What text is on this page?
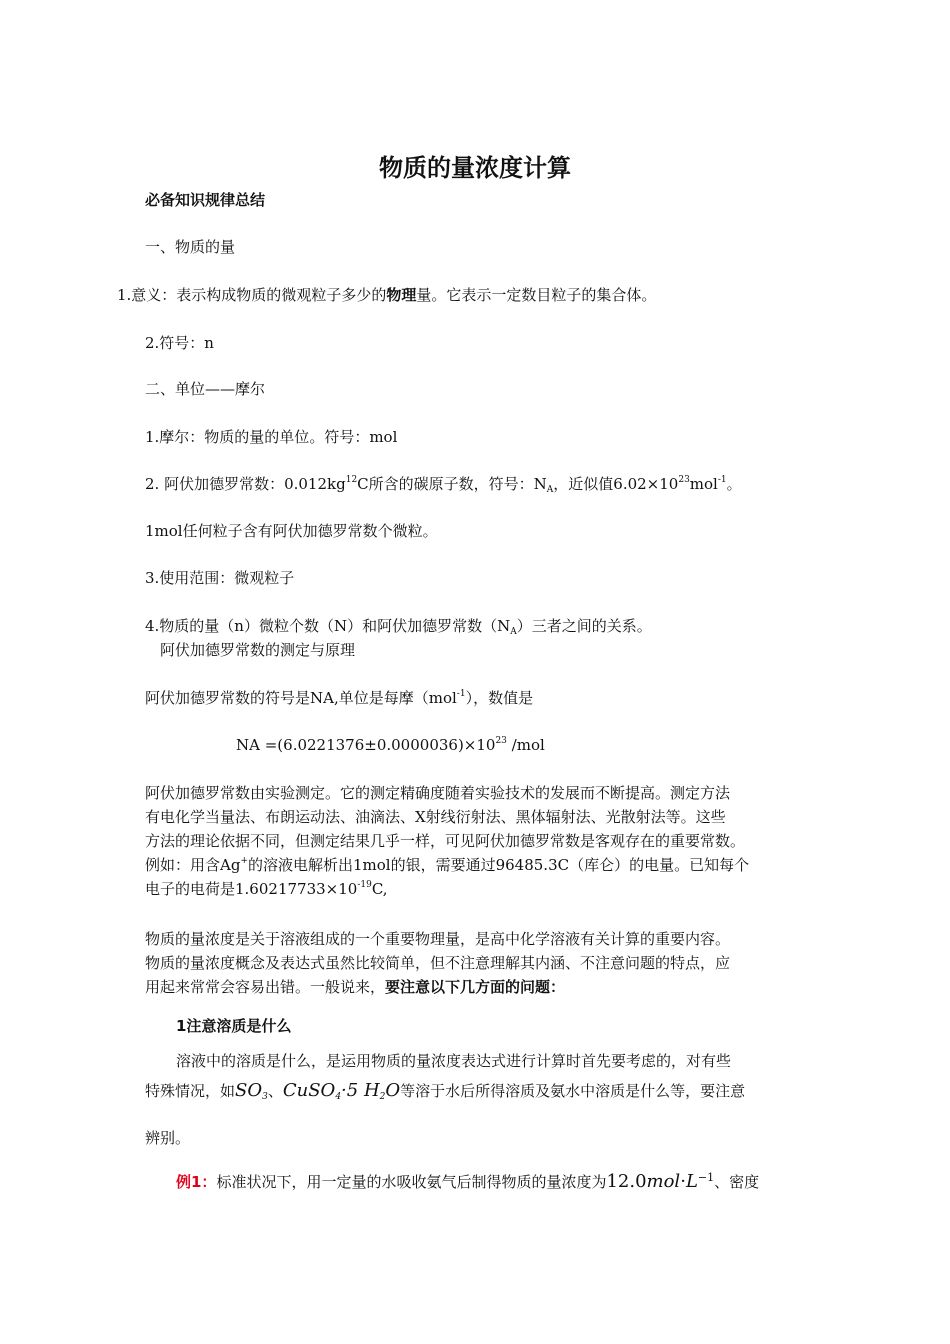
物质的量浓度计算
必备知识规律总结
一、物质的量
1.意义：表示构成物质的微观粒子多少的物理量。它表示一定数目粒子的集合体。
2.符号：n
二、单位——摩尔
1.摩尔：物质的量的单位。符号：mol
2. 阿伏加德罗常数：$0.012kg^{12}C$所含的碳原子数，符号：$N_A$，近似值$6.02\times 10^{23}mol^{-1}$。
1mol任何粒子含有阿伏加德罗常数个微粒。
3.使用范围：微观粒子
4.物质的量（n）微粒个数（N）和阿伏加德罗常数$(N_A)$三者之间的关系。
阿伏加德罗常数的测定与原理
阿伏加德罗常数的符号是NA,单位是每摩（mol$^{-1}$），数值是
NA $=(6.0221376\pm 0.0000036)\times 10^{23}$ /mol
阿伏加德罗常数由实验测定。它的测定精确度随着实验技术的发展而不断提高。测定方法
有电化学当量法、布朗运动法、油滴法、X射线衍射法、黑体辐射法、光散射法等。这些
方法的理论依据不同，但测定结果几乎一样，可见阿伏加德罗常数是客观存在的重要常数。
例如：用含Ag+的溶液电解析出1mol的银，需要通过96485.3C（库仑）的电量。已知每个
电子的电荷是$1.60217733\times 10^{-19}C$,
物质的量浓度是关于溶液组成的一个重要物理量，是高中化学溶液有关计算的重要内容。
物质的量浓度概念及表达式虽然比较简单，但不注意理解其内涵、不注意问题的特点，应
用起来常常会容易出错。一般说来，要注意以下几方面的问题：
1注意溶质是什么
溶液中的溶质是什么，是运用物质的量浓度表达式进行计算时首先要考虑的，对有些
特殊情况，如$SO_3$、CuSO$_4$·5 $H_2O$等溶于水后所得溶质及氨水中溶质是什么等，要注意
辨别。
例1：标准状况下，用一定量的水吸收氨气后制得物质的量浓度为$12.0mol\cdot L^{-1}$、密度
